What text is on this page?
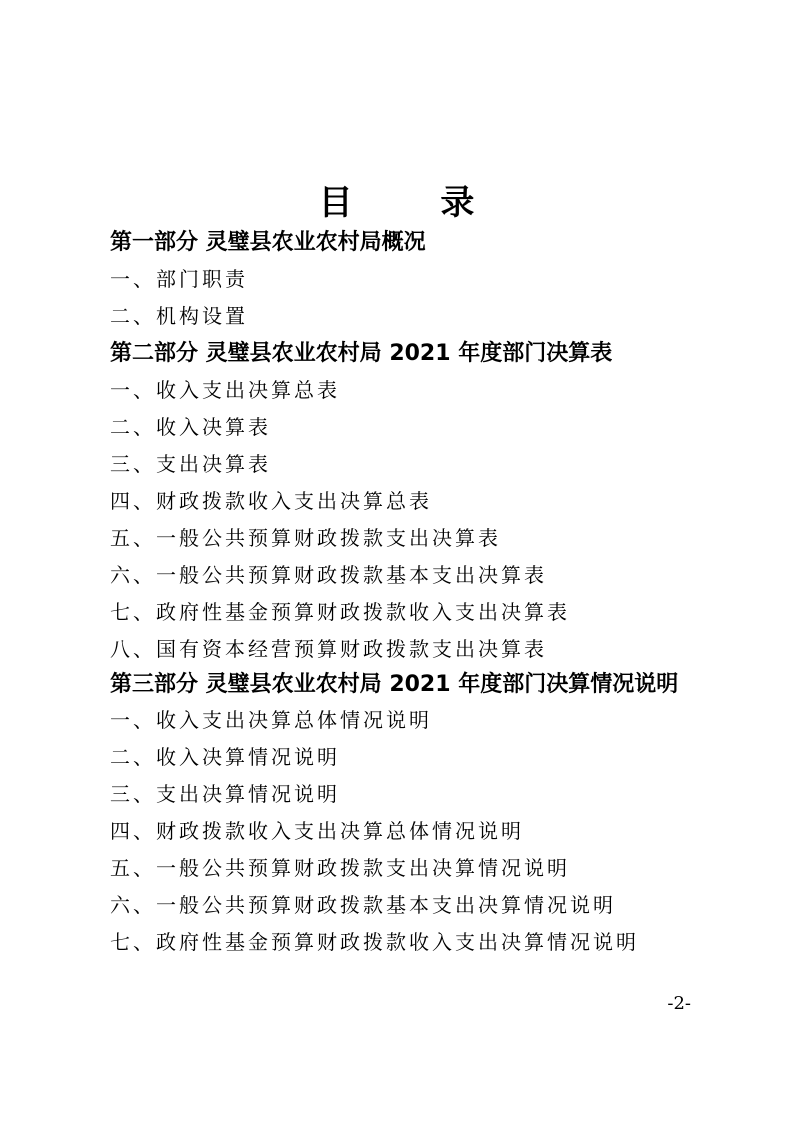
目 录

第一部分 灵璧县农业农村局概况

一、部门职责

二、机构设置

第二部分 灵璧县农业农村局 2021 年度部门决算表

一、收入支出决算总表

二、收入决算表

三、支出决算表

四、财政拨款收入支出决算总表

五、一般公共预算财政拨款支出决算表

六、一般公共预算财政拨款基本支出决算表

七、政府性基金预算财政拨款收入支出决算表

八、国有资本经营预算财政拨款支出决算表

第三部分 灵璧县农业农村局 2021 年度部门决算情况说明

一、收入支出决算总体情况说明

二、收入决算情况说明

三、支出决算情况说明

四、财政拨款收入支出决算总体情况说明

五、一般公共预算财政拨款支出决算情况说明

六、一般公共预算财政拨款基本支出决算情况说明

七、政府性基金预算财政拨款收入支出决算情况说明

-2-
